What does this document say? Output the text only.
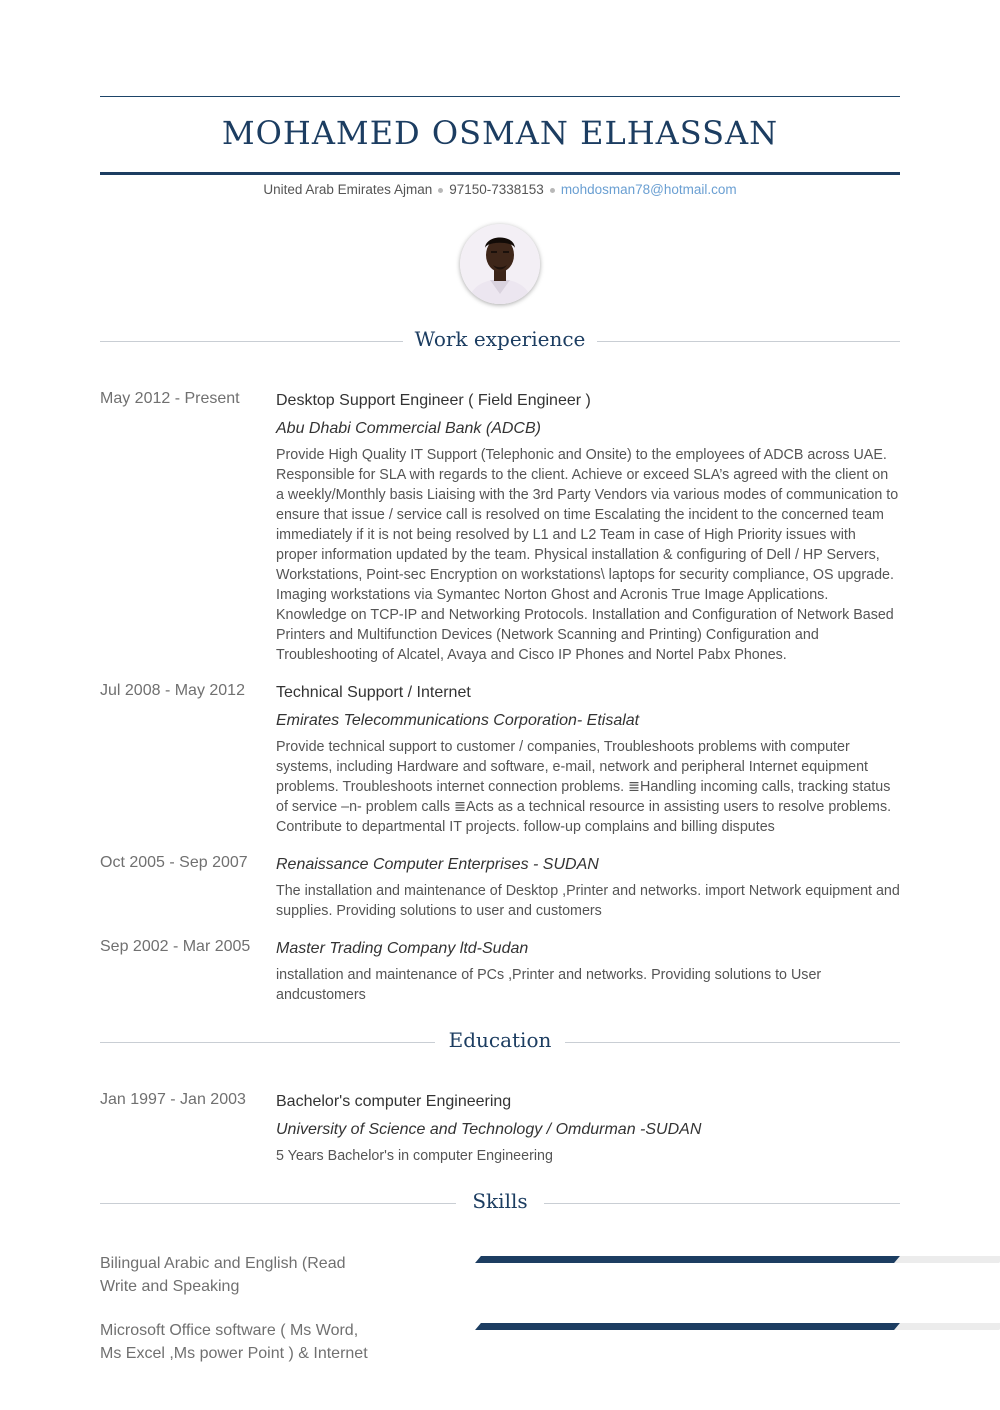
MOHAMED OSMAN ELHASSAN
United Arab Emirates Ajman 97150-7338153 mohdosman78@hotmail.com
Work experience
May 2012 - Present	Desktop Support Engineer ( Field Engineer )
Abu Dhabi Commercial Bank (ADCB)
Provide High Quality IT Support (Telephonic and Onsite) to the employees of ADCB across UAE. Responsible for SLA with regards to the client. Achieve or exceed SLA’s agreed with the client on a weekly/Monthly basis Liaising with the 3rd Party Vendors via various modes of communication to ensure that issue / service call is resolved on time Escalating the incident to the concerned team immediately if it is not being resolved by L1 and L2 Team in case of High Priority issues with proper information updated by the team. Physical installation & configuring of Dell / HP Servers, Workstations, Point-sec Encryption on workstations\ laptops for security compliance, OS upgrade. Imaging workstations via Symantec Norton Ghost and Acronis True Image Applications. Knowledge on TCP-IP and Networking Protocols. Installation and Configuration of Network Based Printers and Multifunction Devices (Network Scanning and Printing) Configuration and Troubleshooting of Alcatel, Avaya and Cisco IP Phones and Nortel Pabx Phones.
Jul 2008 - May 2012	Technical Support / Internet
Emirates Telecommunications Corporation- Etisalat
Provide technical support to customer / companies, Troubleshoots problems with computer systems, including Hardware and software, e-mail, network and peripheral Internet equipment problems. Troubleshoots internet connection problems. ≣Handling incoming calls, tracking status of service –n- problem calls ≣Acts as a technical resource in assisting users to resolve problems. Contribute to departmental IT projects. follow-up complains and billing disputes
Oct 2005 - Sep 2007	Renaissance Computer Enterprises - SUDAN
The installation and maintenance of Desktop ,Printer and networks. import Network equipment and supplies. Providing solutions to user and customers
Sep 2002 - Mar 2005	Master Trading Company ltd-Sudan
installation and maintenance of PCs ,Printer and networks. Providing solutions to User andcustomers
Education
Jan 1997 - Jan 2003	Bachelor's computer Engineering
University of Science and Technology / Omdurman -SUDAN
5 Years Bachelor's in computer Engineering
Skills
Bilingual Arabic and English (Read Write and Speaking
Microsoft Office software ( Ms Word, Ms Excel ,Ms power Point ) & Internet
